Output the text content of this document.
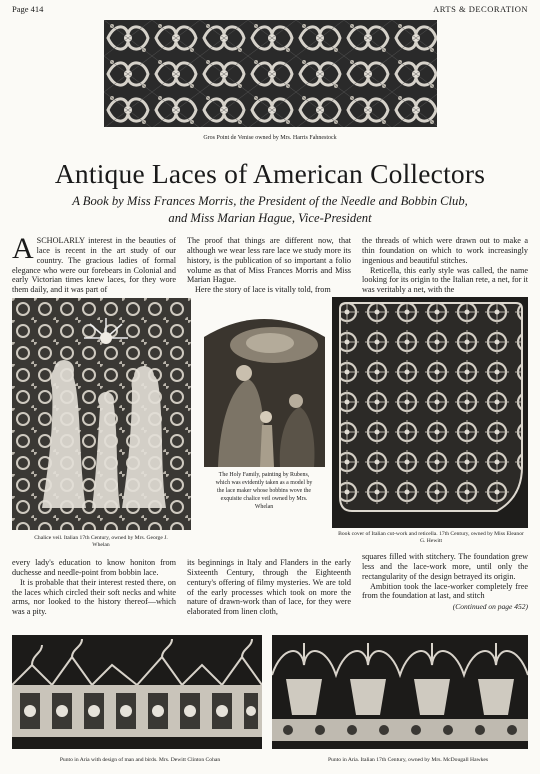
Page 414	ARTS & DECORATION
Gros Point de Venise owned by Mrs. Harris Fahnestock
Antique Laces of American Collectors
A Book by Miss Frances Morris, the President of the Needle and Bobbin Club,
and Miss Marian Hague, Vice-President

ASCHOLARLY interest in the beauties of lace is recent in the art study of our country. The gracious ladies of formal elegance who were our forebears in Colonial and early Victorian times knew laces, for they wore them daily, and it was part of

The proof that things are different now, that although we wear less rare lace we study more its history, is the publication of so important a folio volume as that of Miss Frances Morris and Miss Marian Hague.

Here the story of lace is vitally told, from

the threads of which were drawn out to make a thin foundation on which to work increasingly ingenious and beautiful stitches.

Reticella, this early style was called, the name looking for its origin to the Italian rete, a net, for it was veritably a net, with the

Chalice veil. Italian 17th Century, owned by Mrs. George J. Whelan
The Holy Family, painting by Rubens, which was evidently taken as a model by the lace maker whose bobbins wove the exquisite chalice veil owned by Mrs. Whelan
Book cover of Italian cut-work and reticella. 17th Century, owned by Miss Eleanor G. Hewitt

every lady's education to know honiton from duchesse and needle-point from bobbin lace.

It is probable that their interest rested there, on the laces which circled their soft necks and white arms, nor looked to the history thereof—which was a pity.

its beginnings in Italy and Flanders in the early Sixteenth Century, through the Eighteenth century's offering of filmy mysteries. We are told of the early processes which took on more the nature of drawn-work than of lace, for they were elaborated from linen cloth,

squares filled with stitchery. The foundation grew less and the lace-work more, until only the rectangularity of the design betrayed its origin.

Ambition took the lace-worker completely free from the foundation at last, and stitch

(Continued on page 452)
Punto in Aria with design of man and birds. Mrs. Dewitt Clinton Cohan	Punto in Aria. Italian 17th Century, owned by Mrs. McDougall Hawkes
